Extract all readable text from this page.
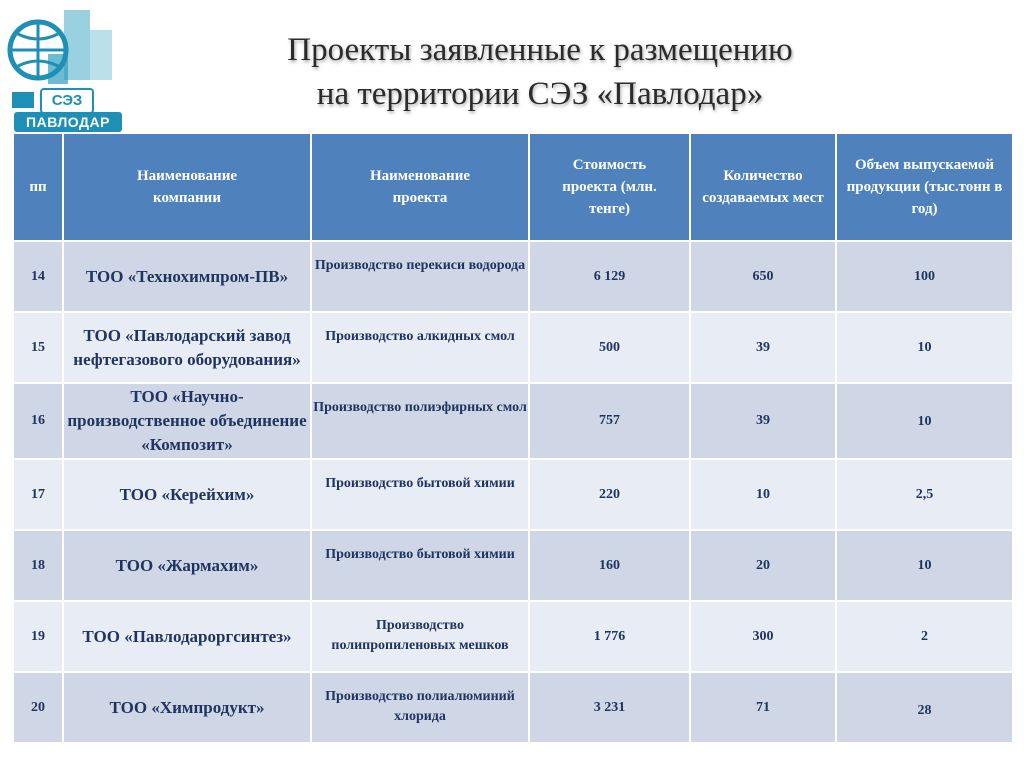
СЭЗ
ПАВЛОДАР
Проекты заявленные к размещению
на территории СЭЗ «Павлодар»
пп	Наименование компании	Наименование проекта	Стоимость проекта (млн. тенге)	Количество создаваемых мест	Объем выпускаемой продукции (тыс.тонн в год)
14	ТОО «Технохимпром-ПВ»	Производство перекиси водорода	6 129	650	100
15	ТОО «Павлодарский завод нефтегазового оборудования»	Производство алкидных смол	500	39	10
16	ТОО «Научно-производственное объединение «Композит»	Производство полиэфирных смол	757	39	10
17	ТОО «Керейхим»	Производство бытовой химии	220	10	2,5
18	ТОО «Жармахим»	Производство бытовой химии	160	20	10
19	ТОО «Павлодароргсинтез»	Производство полипропиленовых мешков	1 776	300	2
20	ТОО «Химпродукт»	Производство полиалюминий хлорида	3 231	71	28
